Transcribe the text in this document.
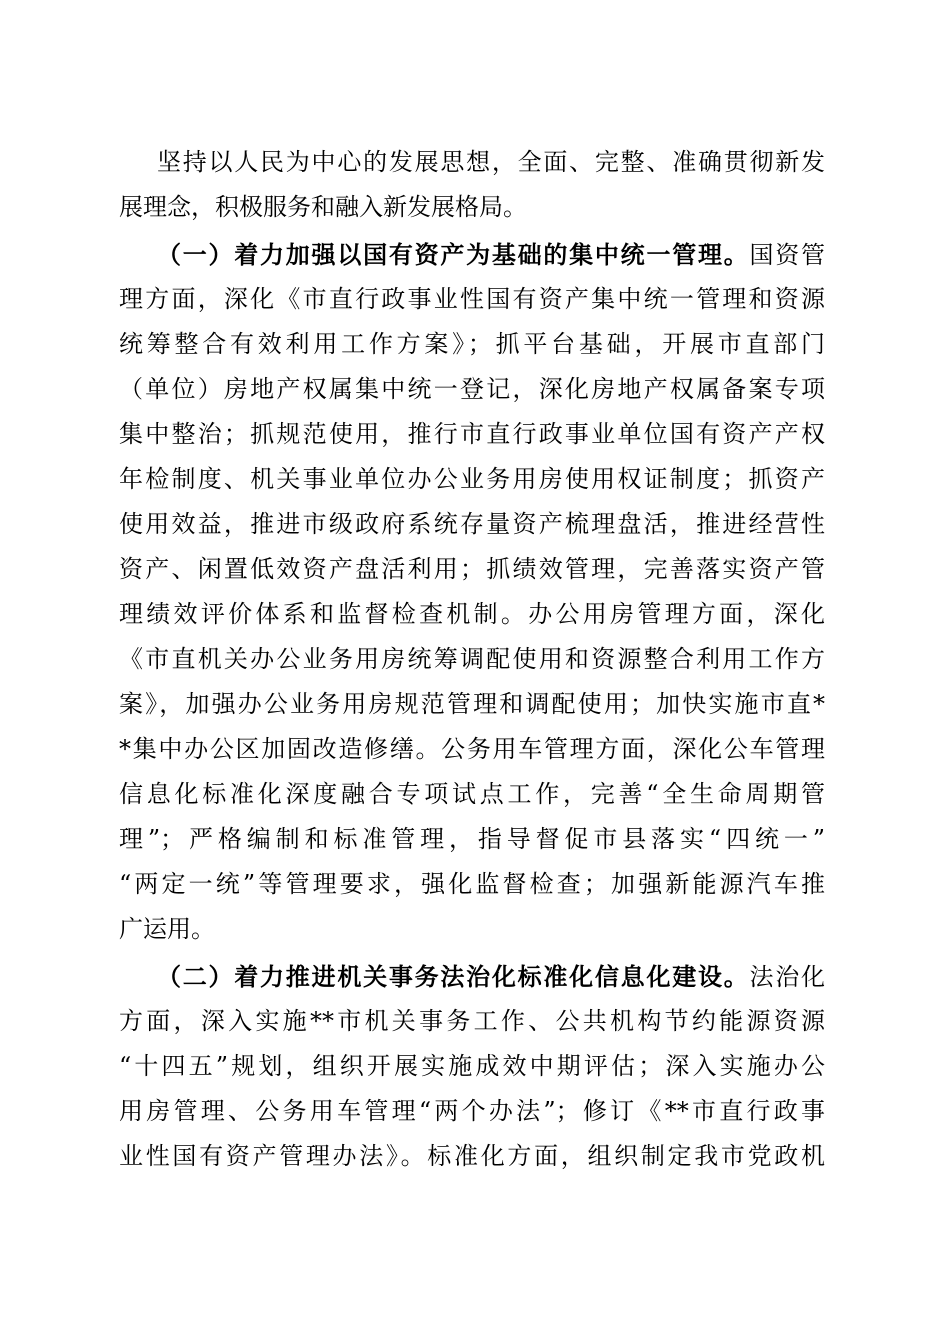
坚持以人民为中心的发展思想，全面、完整、准确贯彻新发
展理念，积极服务和融入新发展格局。
（一）着力加强以国有资产为基础的集中统一管理。国资管
理方面，深化《市直行政事业性国有资产集中统一管理和资源
统筹整合有效利用工作方案》；抓平台基础，开展市直部门
（单位）房地产权属集中统一登记，深化房地产权属备案专项
集中整治；抓规范使用，推行市直行政事业单位国有资产产权
年检制度、机关事业单位办公业务用房使用权证制度；抓资产
使用效益，推进市级政府系统存量资产梳理盘活，推进经营性
资产、闲置低效资产盘活利用；抓绩效管理，完善落实资产管
理绩效评价体系和监督检查机制。办公用房管理方面，深化
《市直机关办公业务用房统筹调配使用和资源整合利用工作方
案》，加强办公业务用房规范管理和调配使用；加快实施市直*
*集中办公区加固改造修缮。公务用车管理方面，深化公车管理
信息化标准化深度融合专项试点工作，完善“全生命周期管
理”；严格编制和标准管理，指导督促市县落实“四统一”
“两定一统”等管理要求，强化监督检查；加强新能源汽车推
广运用。
（二）着力推进机关事务法治化标准化信息化建设。法治化
方面，深入实施**市机关事务工作、公共机构节约能源资源
“十四五”规划，组织开展实施成效中期评估；深入实施办公
用房管理、公务用车管理“两个办法”；修订《**市直行政事
业性国有资产管理办法》。标准化方面，组织制定我市党政机
